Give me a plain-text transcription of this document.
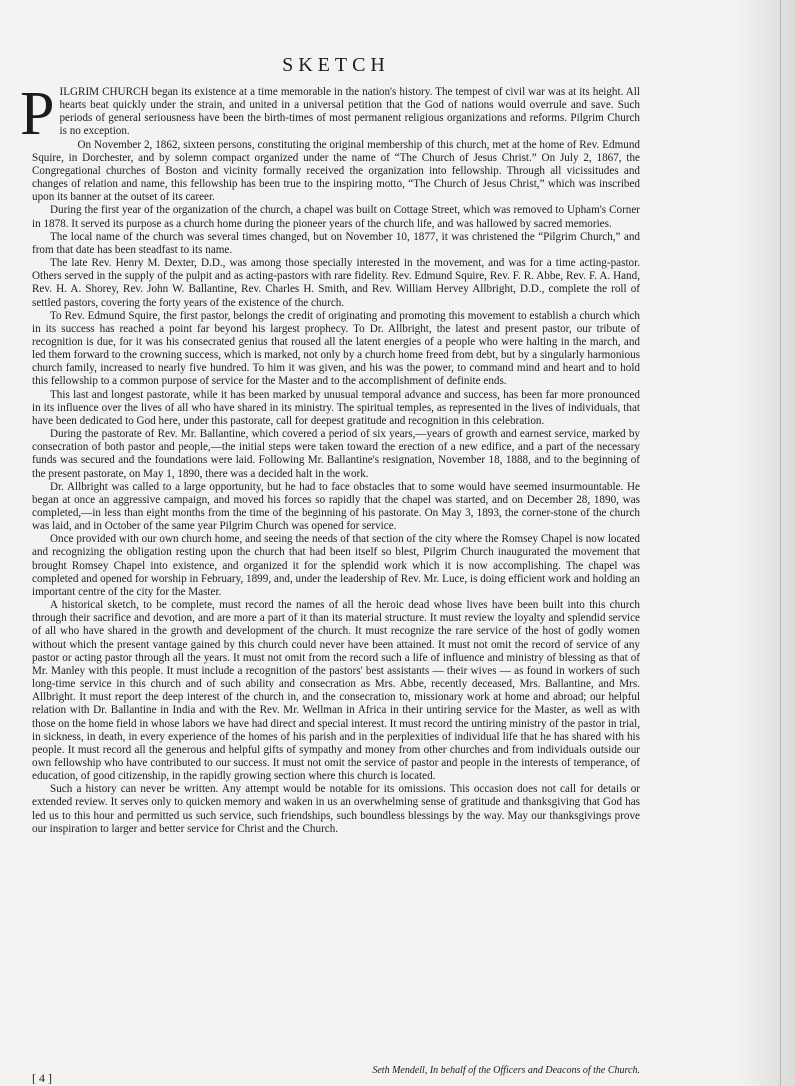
SKETCH

PILGRIM CHURCH began its existence at a time memorable in the nation's history. The tempest of civil war was at its height. All hearts beat quickly under the strain, and united in a universal petition that the God of nations would overrule and save. Such periods of general seriousness have been the birth-times of most permanent religious organizations and reforms. Pilgrim Church is no exception.

On November 2, 1862, sixteen persons, constituting the original membership of this church, met at the home of Rev. Edmund Squire, in Dorchester, and by solemn compact organized under the name of “The Church of Jesus Christ.” On July 2, 1867, the Congregational churches of Boston and vicinity formally received the organization into fellowship. Through all vicissitudes and changes of relation and name, this fellowship has been true to the inspiring motto, “The Church of Jesus Christ,” which was inscribed upon its banner at the outset of its career.

During the first year of the organization of the church, a chapel was built on Cottage Street, which was removed to Upham's Corner in 1878. It served its purpose as a church home during the pioneer years of the church life, and was hallowed by sacred memories.

The local name of the church was several times changed, but on November 10, 1877, it was christened the “Pilgrim Church,” and from that date has been steadfast to its name.

The late Rev. Henry M. Dexter, D.D., was among those specially interested in the movement, and was for a time acting-pastor. Others served in the supply of the pulpit and as acting-pastors with rare fidelity. Rev. Edmund Squire, Rev. F. R. Abbe, Rev. F. A. Hand, Rev. H. A. Shorey, Rev. John W. Ballantine, Rev. Charles H. Smith, and Rev. William Hervey Allbright, D.D., complete the roll of settled pastors, covering the forty years of the existence of the church.

To Rev. Edmund Squire, the first pastor, belongs the credit of originating and promoting this movement to establish a church which in its success has reached a point far beyond his largest prophecy. To Dr. Allbright, the latest and present pastor, our tribute of recognition is due, for it was his consecrated genius that roused all the latent energies of a people who were halting in the march, and led them forward to the crowning success, which is marked, not only by a church home freed from debt, but by a singularly harmonious church family, increased to nearly five hundred. To him it was given, and his was the power, to command mind and heart and to hold this fellowship to a common purpose of service for the Master and to the accomplishment of definite ends.

This last and longest pastorate, while it has been marked by unusual temporal advance and success, has been far more pronounced in its influence over the lives of all who have shared in its ministry. The spiritual temples, as represented in the lives of individuals, that have been dedicated to God here, under this pastorate, call for deepest gratitude and recognition in this celebration.

During the pastorate of Rev. Mr. Ballantine, which covered a period of six years,—years of growth and earnest service, marked by consecration of both pastor and people,—the initial steps were taken toward the erection of a new edifice, and a part of the necessary funds was secured and the foundations were laid. Following Mr. Ballantine's resignation, November 18, 1888, and to the beginning of the present pastorate, on May 1, 1890, there was a decided halt in the work.

Dr. Allbright was called to a large opportunity, but he had to face obstacles that to some would have seemed insurmountable. He began at once an aggressive campaign, and moved his forces so rapidly that the chapel was started, and on December 28, 1890, was completed,—in less than eight months from the time of the beginning of his pastorate. On May 3, 1893, the corner-stone of the church was laid, and in October of the same year Pilgrim Church was opened for service.

Once provided with our own church home, and seeing the needs of that section of the city where the Romsey Chapel is now located and recognizing the obligation resting upon the church that had been itself so blest, Pilgrim Church inaugurated the movement that brought Romsey Chapel into existence, and organized it for the splendid work which it is now accomplishing. The chapel was completed and opened for worship in February, 1899, and, under the leadership of Rev. Mr. Luce, is doing efficient work and holding an important centre of the city for the Master.

A historical sketch, to be complete, must record the names of all the heroic dead whose lives have been built into this church through their sacrifice and devotion, and are more a part of it than its material structure. It must review the loyalty and splendid service of all who have shared in the growth and development of the church. It must recognize the rare service of the host of godly women without which the present vantage gained by this church could never have been attained. It must not omit the record of service of any pastor or acting pastor through all the years. It must not omit from the record such a life of influence and ministry of blessing as that of Mr. Manley with this people. It must include a recognition of the pastors' best assistants — their wives — as found in workers of such long-time service in this church and of such ability and consecration as Mrs. Abbe, recently deceased, Mrs. Ballantine, and Mrs. Allbright. It must report the deep interest of the church in, and the consecration to, missionary work at home and abroad; our helpful relation with Dr. Ballantine in India and with the Rev. Mr. Wellman in Africa in their untiring service for the Master, as well as with those on the home field in whose labors we have had direct and special interest. It must record the untiring ministry of the pastor in trial, in sickness, in death, in every experience of the homes of his parish and in the perplexities of individual life that he has shared with his people. It must record all the generous and helpful gifts of sympathy and money from other churches and from individuals outside our own fellowship who have contributed to our success. It must not omit the service of pastor and people in the interests of temperance, of education, of good citizenship, in the rapidly growing section where this church is located.

Such a history can never be written. Any attempt would be notable for its omissions. This occasion does not call for details or extended review. It serves only to quicken memory and waken in us an overwhelming sense of gratitude and thanksgiving that God has led us to this hour and permitted us such service, such friendships, such boundless blessings by the way. May our thanksgivings prove our inspiration to larger and better service for Christ and the Church.

[ 4 ]
Seth Mendell, In behalf of the Officers and Deacons of the Church.
